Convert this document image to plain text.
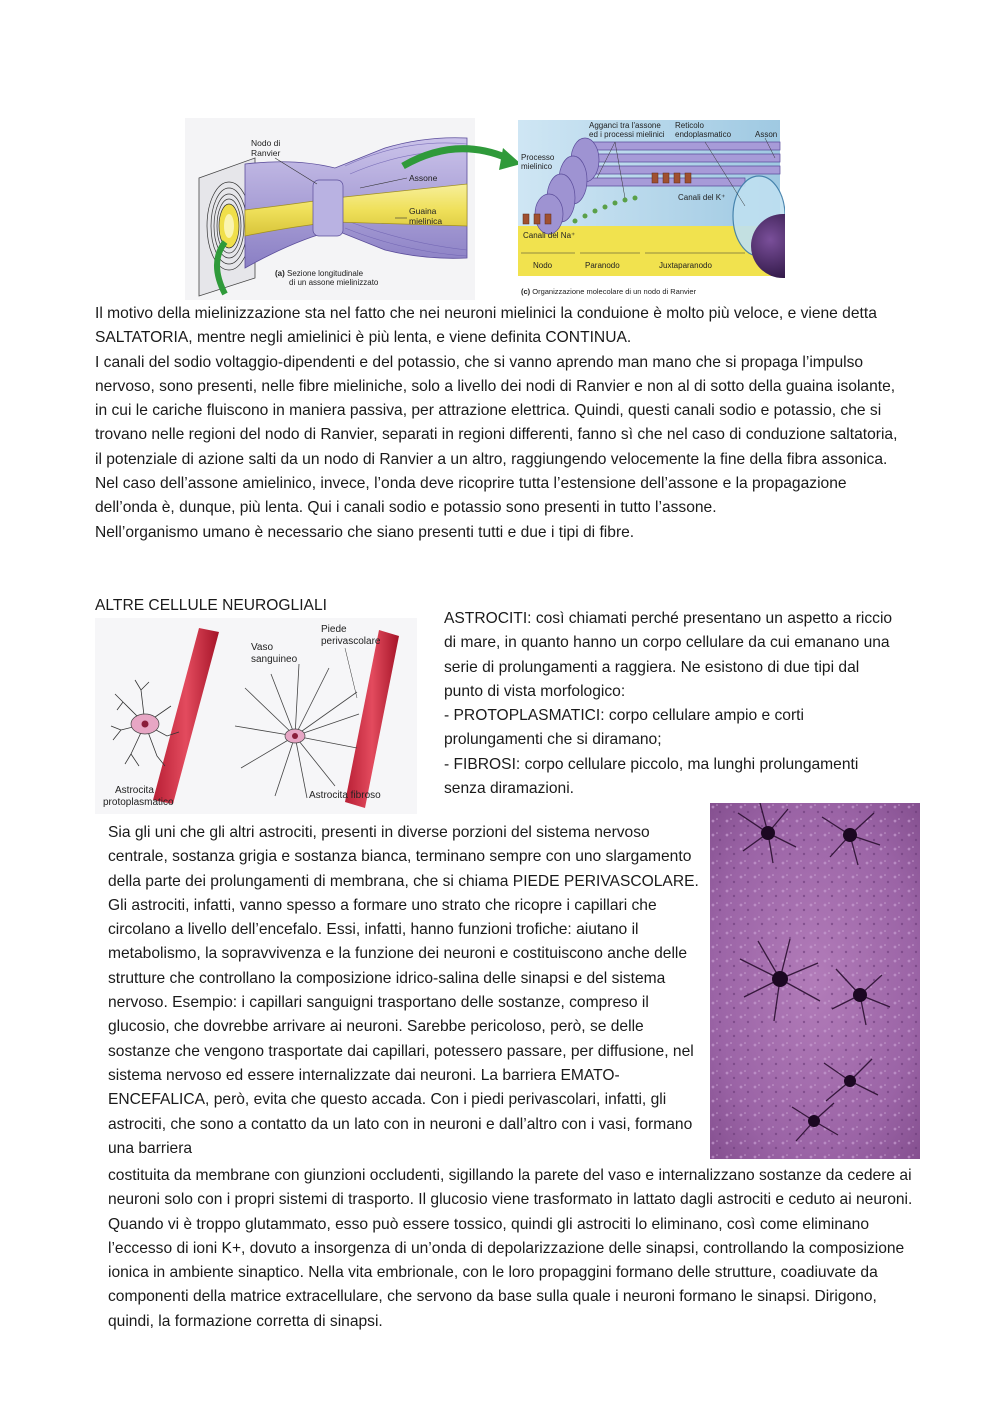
Nodo di Ranvier
Assone
Guaina mielinica
(a) Sezione longitudinale di un assone mielinizzato
Agganci tra l'assone ed i processi mielinici
Reticolo endoplasmatico	Asson
Processo mielinico
Canali del K⁺
Canali del Na⁺
Nodo	Paranodo	Juxtaparanodo
(c) Organizzazione molecolare di un nodo di Ranvier

Il motivo della mielinizzazione sta nel fatto che nei neuroni mielinici la conduione è molto più veloce, e viene detta SALTATORIA, mentre negli amielinici è più lenta, e viene definita CONTINUA.

I canali del sodio voltaggio-dipendenti e del potassio, che si vanno aprendo man mano che si propaga l’impulso nervoso, sono presenti, nelle fibre mieliniche, solo a livello dei nodi di Ranvier e non al di sotto della guaina isolante, in cui le cariche fluiscono in maniera passiva, per attrazione elettrica. Quindi, questi canali sodio e potassio, che si trovano nelle regioni del nodo di Ranvier, separati in regioni differenti, fanno sì che nel caso di conduzione saltatoria, il potenziale di azione salti da un nodo di Ranvier a un altro, raggiungendo velocemente la fine della fibra assonica.

Nel caso dell’assone amielinico, invece, l’onda deve ricoprire tutta l’estensione dell’assone e la propagazione dell’onda è, dunque, più lenta. Qui i canali sodio e potassio sono presenti in tutto l’assone.

Nell’organismo umano è necessario che siano presenti tutti e due i tipi di fibre.

ALTRE CELLULE NEUROGLIALI
Vaso sanguineo
Piede perivascolare
Astrocita protoplasmatico
Astrocita fibroso

ASTROCITI: così chiamati perché presentano un aspetto a riccio di mare, in quanto hanno un corpo cellulare da cui emanano una serie di prolungamenti a raggiera. Ne esistono di due tipi dal punto di vista morfologico:

- PROTOPLASMATICI: corpo cellulare ampio e corti prolungamenti che si diramano;

- FIBROSI: corpo cellulare piccolo, ma lunghi prolungamenti senza diramazioni.

Sia gli uni che gli altri astrociti, presenti in diverse porzioni del sistema nervoso centrale, sostanza grigia e sostanza bianca, terminano sempre con uno slargamento della parte dei prolungamenti di membrana, che si chiama PIEDE PERIVASCOLARE. Gli astrociti, infatti, vanno spesso a formare uno strato che ricopre i capillari che circolano a livello dell’encefalo. Essi, infatti, hanno funzioni trofiche: aiutano il metabolismo, la sopravvivenza e la funzione dei neuroni e costituiscono anche delle strutture che controllano la composizione idrico-salina delle sinapsi e del sistema nervoso. Esempio: i capillari sanguigni trasportano delle sostanze, compreso il glucosio, che dovrebbe arrivare ai neuroni. Sarebbe pericoloso, però, se delle sostanze che vengono trasportate dai capillari, potessero passare, per diffusione, nel sistema nervoso ed essere internalizzate dai neuroni. La barriera EMATO-ENCEFALICA, però, evita che questo accada. Con i piedi perivascolari, infatti, gli astrociti, che sono a contatto da un lato con in neuroni e dall’altro con i vasi, formano una barriera

costituita da membrane con giunzioni occludenti, sigillando la parete del vaso e internalizzano sostanze da cedere ai neuroni solo con i propri sistemi di trasporto. Il glucosio viene trasformato in lattato dagli astrociti e ceduto ai neuroni. Quando vi è troppo glutammato, esso può essere tossico, quindi gli astrociti lo eliminano, così come eliminano l’eccesso di ioni K+, dovuto a insorgenza di un’onda di depolarizzazione delle sinapsi, controllando la composizione ionica in ambiente sinaptico. Nella vita embrionale, con le loro propaggini formano delle strutture, coadiuvate da componenti della matrice extracellulare, che servono da base sulla quale i neuroni formano le sinapsi. Dirigono, quindi, la formazione corretta di sinapsi.
